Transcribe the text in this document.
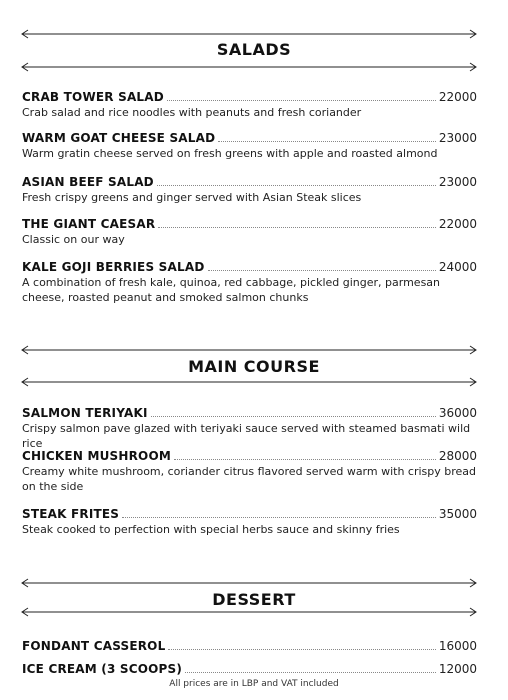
SALADS
CRAB TOWER SALAD	22000
Crab salad and rice noodles with peanuts and fresh coriander
WARM GOAT CHEESE SALAD	23000
Warm gratin cheese served on fresh greens with apple and roasted almond
ASIAN BEEF SALAD	23000
Fresh crispy greens and ginger served with Asian Steak slices
THE GIANT CAESAR	22000
Classic on our way
KALE GOJI BERRIES SALAD	24000
A combination of fresh kale, quinoa, red cabbage, pickled ginger, parmesan cheese, roasted peanut and smoked salmon chunks
MAIN COURSE
SALMON TERIYAKI	36000
Crispy salmon pave glazed with teriyaki sauce served with steamed basmati wild rice
CHICKEN MUSHROOM	28000
Creamy white mushroom, coriander citrus flavored served warm with crispy bread on the side
STEAK FRITES	35000
Steak cooked to perfection with special herbs sauce and skinny fries
DESSERT
FONDANT CASSEROL	16000
ICE CREAM (3 SCOOPS)	12000
All prices are in LBP and VAT included
